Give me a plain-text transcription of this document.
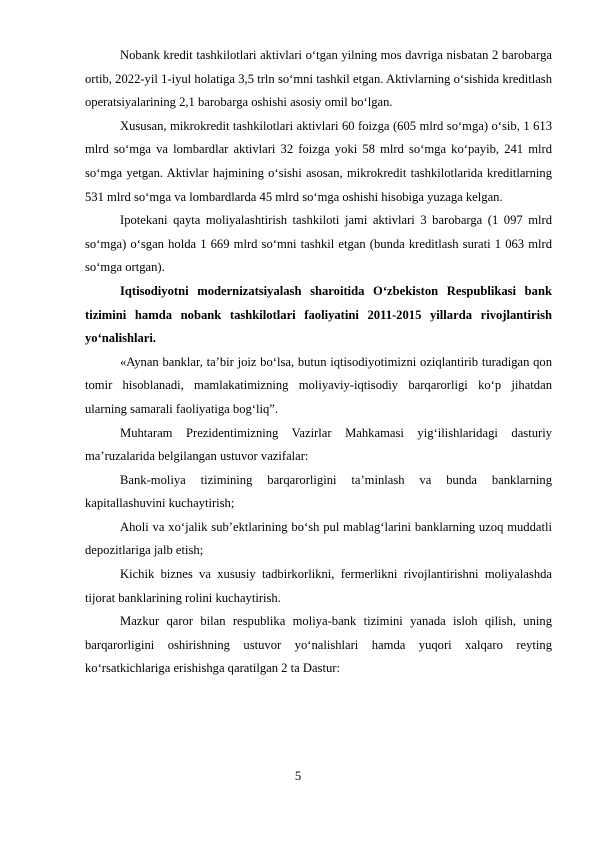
Nobank kredit tashkilotlari aktivlari o‘tgan yilning mos davriga nisbatan 2 barobarga ortib, 2022-yil 1-iyul holatiga 3,5 trln so‘mni tashkil etgan. Aktivlarning o‘sishida kreditlash operatsiyalarining 2,1 barobarga oshishi asosiy omil bo‘lgan.

Xususan, mikrokredit tashkilotlari aktivlari 60 foizga (605 mlrd so‘mga) o‘sib, 1 613 mlrd so‘mga va lombardlar aktivlari 32 foizga yoki 58 mlrd so‘mga ko‘payib, 241 mlrd so‘mga yetgan. Aktivlar hajmining o‘sishi asosan, mikrokredit tashkilotlarida kreditlarning 531 mlrd so‘mga va lombardlarda 45 mlrd so‘mga oshishi hisobiga yuzaga kelgan.

Ipotekani qayta moliyalashtirish tashkiloti jami aktivlari 3 barobarga (1 097 mlrd so‘mga) o‘sgan holda 1 669 mlrd so‘mni tashkil etgan (bunda kreditlash surati 1 063 mlrd so‘mga ortgan).

Iqtisodiyotni modernizatsiyalash sharoitida O‘zbekiston Respublikasi bank tizimini hamda nobank tashkilotlari faoliyatini 2011-2015 yillarda rivojlantirish yo‘nalishlari.

«Aynan banklar, ta’bir joiz bo‘lsa, butun iqtisodiyotimizni oziqlantirib turadigan qon tomir hisoblanadi, mamlakatimizning moliyaviy-iqtisodiy barqarorligi ko‘p jihatdan ularning samarali faoliyatiga bog‘liq”.

Muhtaram Prezidentimizning Vazirlar Mahkamasi yig‘ilishlaridagi dasturiy ma’ruzalarida belgilangan ustuvor vazifalar:

Bank-moliya tizimining barqarorligini ta’minlash va bunda banklarning kapitallashuvini kuchaytirish;

Aholi va xo‘jalik sub’ektlarining bo‘sh pul mablag‘larini banklarning uzoq muddatli depozitlariga jalb etish;

Kichik biznes va xususiy tadbirkorlikni, fermerlikni rivojlantirishni moliyalashda tijorat banklarining rolini kuchaytirish.

Mazkur qaror bilan respublika moliya-bank tizimini yanada isloh qilish, uning barqarorligini oshirishning ustuvor yo‘nalishlari hamda yuqori xalqaro reyting ko‘rsatkichlariga erishishga qaratilgan 2 ta Dastur:

5
